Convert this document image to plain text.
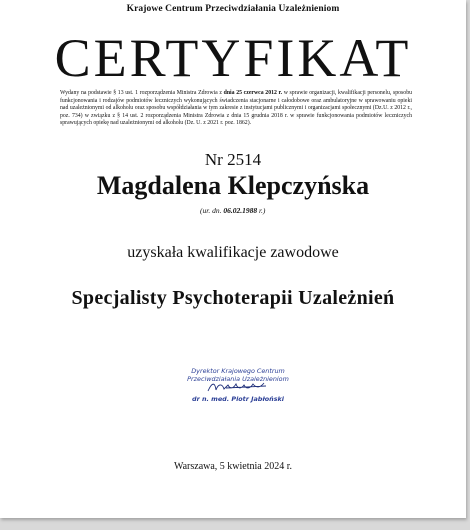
Krajowe Centrum Przeciwdziałania Uzależnieniom
CERTYFIKAT
Wydany na podstawie § 13 ust. 1 rozporządzenia Ministra Zdrowia z dnia 25 czerwca 2012 r. w sprawie organizacji, kwalifikacji personelu, sposobu funkcjonowania i rodzajów podmiotów leczniczych wykonujących świadczenia stacjonarne i całodobowe oraz ambulatoryjne w sprawowaniu opieki nad uzależnionymi od alkoholu oraz sposobu współdziałania w tym zakresie z instytucjami publicznymi i organizacjami społecznymi (Dz.U. z 2012 r., poz. 734) w związku z § 14 ust. 2 rozporządzenia Ministra Zdrowia z dnia 15 grudnia 2018 r. w sprawie funkcjonowania podmiotów leczniczych sprawujących opiekę nad uzależnionymi od alkoholu (Dz. U. z 2021 r. poz. 1862).
Nr 2514
Magdalena Klepczyńska
(ur. dn. 06.02.1988 r.)
uzyskała kwalifikacje zawodowe
Specjalisty Psychoterapii Uzależnień
Dyrektor Krajowego Centrum
Przeciwdziałania Uzależnieniom

dr n. med. Piotr Jabłoński
Warszawa, 5 kwietnia 2024 r.
